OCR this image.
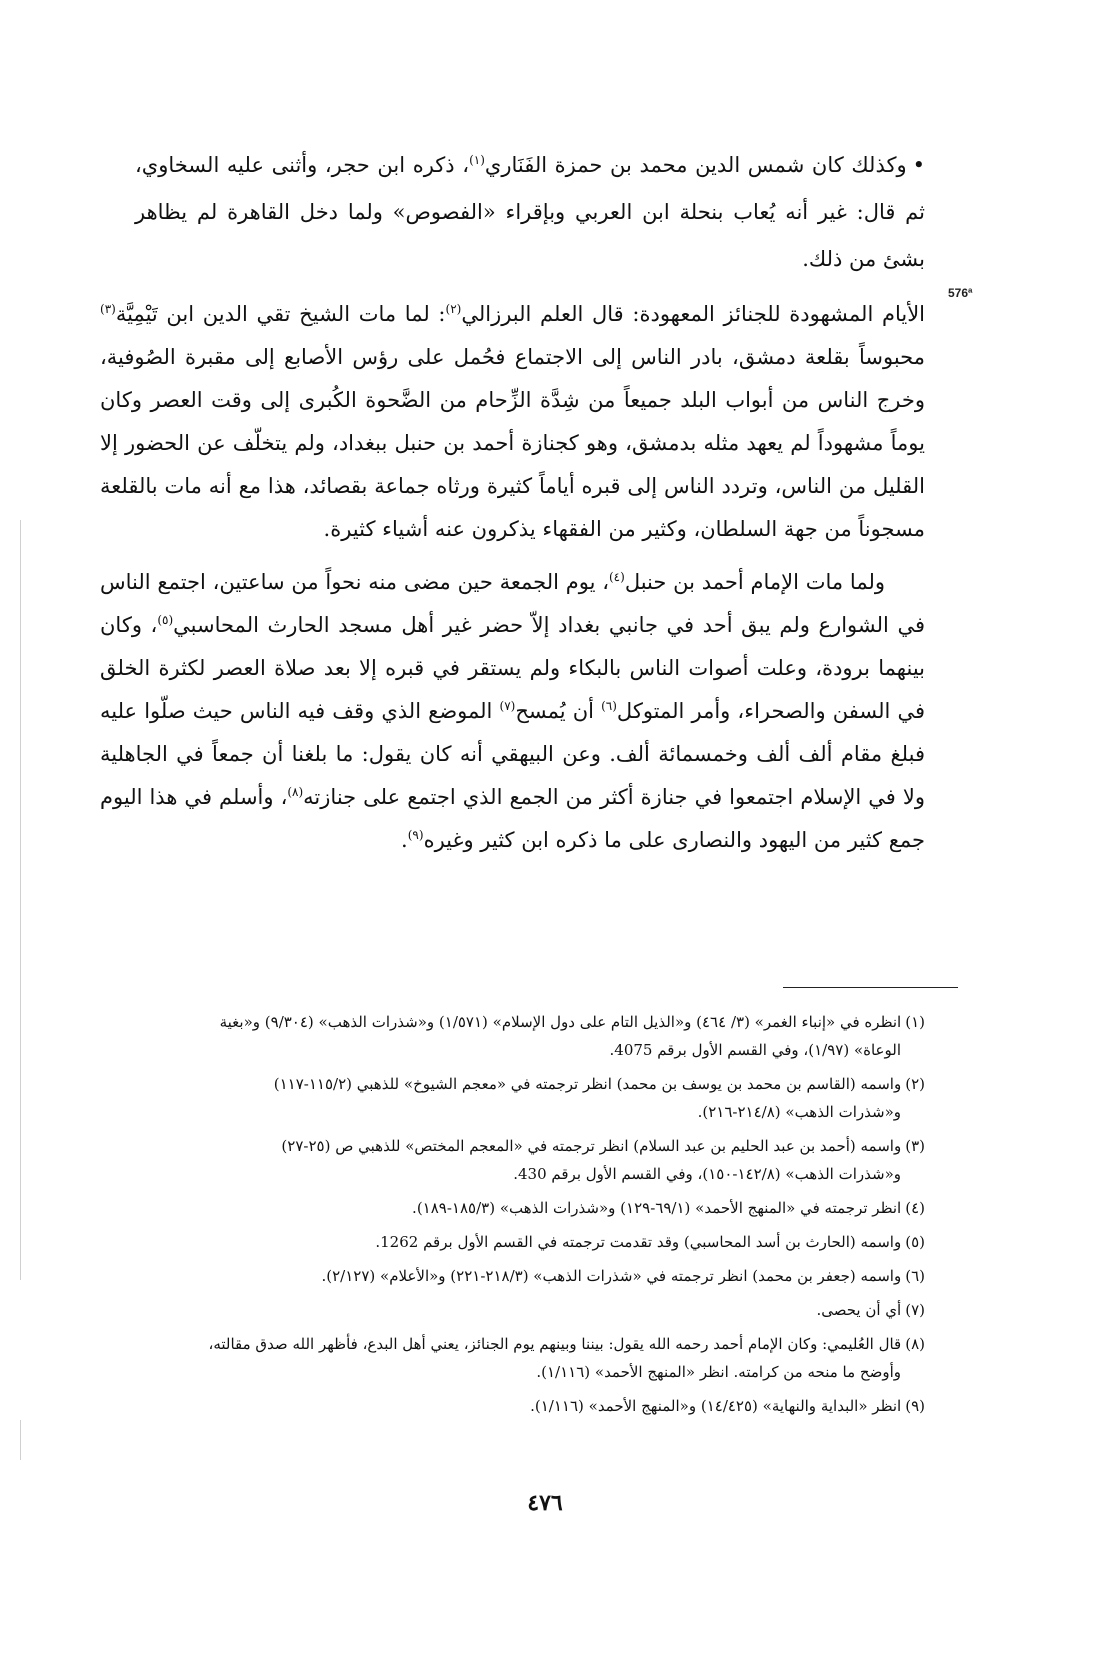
576ª
•وكذلك كان شمس الدين محمد بن حمزة الفَنَاري$^{(١)}$، ذكره ابن حجر، وأثنى عليه السخاوي، ثم قال: غير أنه يُعاب بنحلة ابن العربي وبإقراء «الفصوص» ولما دخل القاهرة لم يظاهر بشئ من ذلك.

الأيام المشهودة للجنائز المعهودة: قال العلم البرزالي$^{(٢)}$: لما مات الشيخ تقي الدين ابن تَيْمِيَّة$^{(٣)}$ محبوساً بقلعة دمشق، بادر الناس إلى الاجتماع فحُمل على رؤس الأصابع إلى مقبرة الصُوفية، وخرج الناس من أبواب البلد جميعاً من شِدَّة الزِّحام من الضَّحوة الكُبرى إلى وقت العصر وكان يوماً مشهوداً لم يعهد مثله بدمشق، وهو كجنازة أحمد بن حنبل ببغداد، ولم يتخلّف عن الحضور إلا القليل من الناس، وتردد الناس إلى قبره أياماً كثيرة ورثاه جماعة بقصائد، هذا مع أنه مات بالقلعة مسجوناً من جهة السلطان، وكثير من الفقهاء يذكرون عنه أشياء كثيرة.

ولما مات الإمام أحمد بن حنبل$^{(٤)}$، يوم الجمعة حين مضى منه نحواً من ساعتين، اجتمع الناس في الشوارع ولم يبق أحد في جانبي بغداد إلاّ حضر غير أهل مسجد الحارث المحاسبي$^{(٥)}$، وكان بينهما برودة، وعلت أصوات الناس بالبكاء ولم يستقر في قبره إلا بعد صلاة العصر لكثرة الخلق في السفن والصحراء، وأمر المتوكل$^{(٦)}$ أن يُمسح$^{(٧)}$ الموضع الذي وقف فيه الناس حيث صلّوا عليه فبلغ مقام ألف ألف وخمسمائة ألف. وعن البيهقي أنه كان يقول: ما بلغنا أن جمعاً في الجاهلية ولا في الإسلام اجتمعوا في جنازة أكثر من الجمع الذي اجتمع على جنازته$^{(٨)}$، وأسلم في هذا اليوم جمع كثير من اليهود والنصارى على ما ذكره ابن كثير وغيره$^{(٩)}$.

(١)انظره في «إنباء الغمر» (٣/ ٤٦٤) و«الذيل التام على دول الإسلام» (١/٥٧١) و«شذرات الذهب» (٩/٣٠٤) و«بغية
الوعاة» (١/٩٧)، وفي القسم الأول برقم 4075.
(٢)واسمه (القاسم بن محمد بن يوسف بن محمد) انظر ترجمته في «معجم الشيوخ» للذهبي (١١٥/٢-١١٧)
و«شذرات الذهب» (٢١٤/٨-٢١٦).
(٣)واسمه (أحمد بن عبد الحليم بن عبد السلام) انظر ترجمته في «المعجم المختص» للذهبي ص (٢٥-٢٧)
و«شذرات الذهب» (١٤٢/٨-١٥٠)، وفي القسم الأول برقم 430.
(٤)انظر ترجمته في «المنهج الأحمد» (٦٩/١-١٢٩) و«شذرات الذهب» (١٨٥/٣-١٨٩).
(٥)واسمه (الحارث بن أسد المحاسبي) وقد تقدمت ترجمته في القسم الأول برقم 1262.
(٦)واسمه (جعفر بن محمد) انظر ترجمته في «شذرات الذهب» (٢١٨/٣-٢٢١) و«الأعلام» (٢/١٢٧).
(٧)أي أن يحصى.
(٨)قال العُليمي: وكان الإمام أحمد رحمه الله يقول: بيننا وبينهم يوم الجنائز، يعني أهل البدع، فأظهر الله صدق مقالته،
وأوضح ما منحه من كرامته. انظر «المنهج الأحمد» (١/١١٦).
(٩)انظر «البداية والنهاية» (١٤/٤٢٥) و«المنهج الأحمد» (١/١١٦).
٤٧٦
